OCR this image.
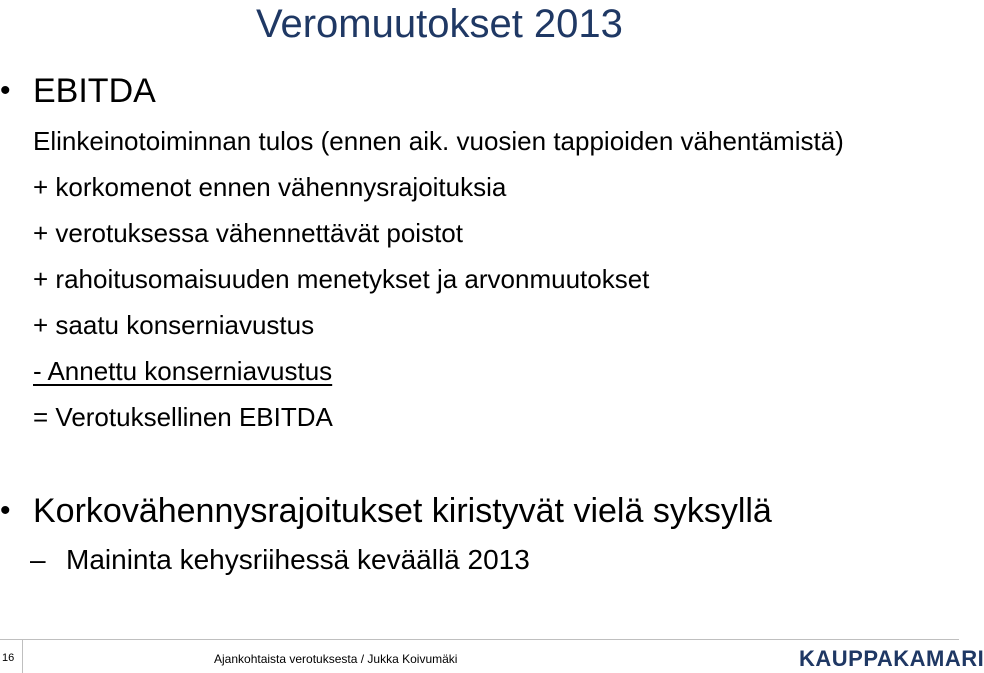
Veromuutokset 2013
• EBITDA
Elinkeinotoiminnan tulos (ennen aik. vuosien tappioiden vähentämistä)
+ korkomenot ennen vähennysrajoituksia
+ verotuksessa vähennettävät poistot
+ rahoitusomaisuuden menetykset ja arvonmuutokset
+ saatu konserniavustus
- Annettu konserniavustus
= Verotuksellinen EBITDA
• Korkovähennysrajoitukset kiristyvät vielä syksyllä
– Maininta kehysriihessä keväällä 2013
16	Ajankohtaista verotuksesta / Jukka Koivumäki	KAUPPAKAMARI
